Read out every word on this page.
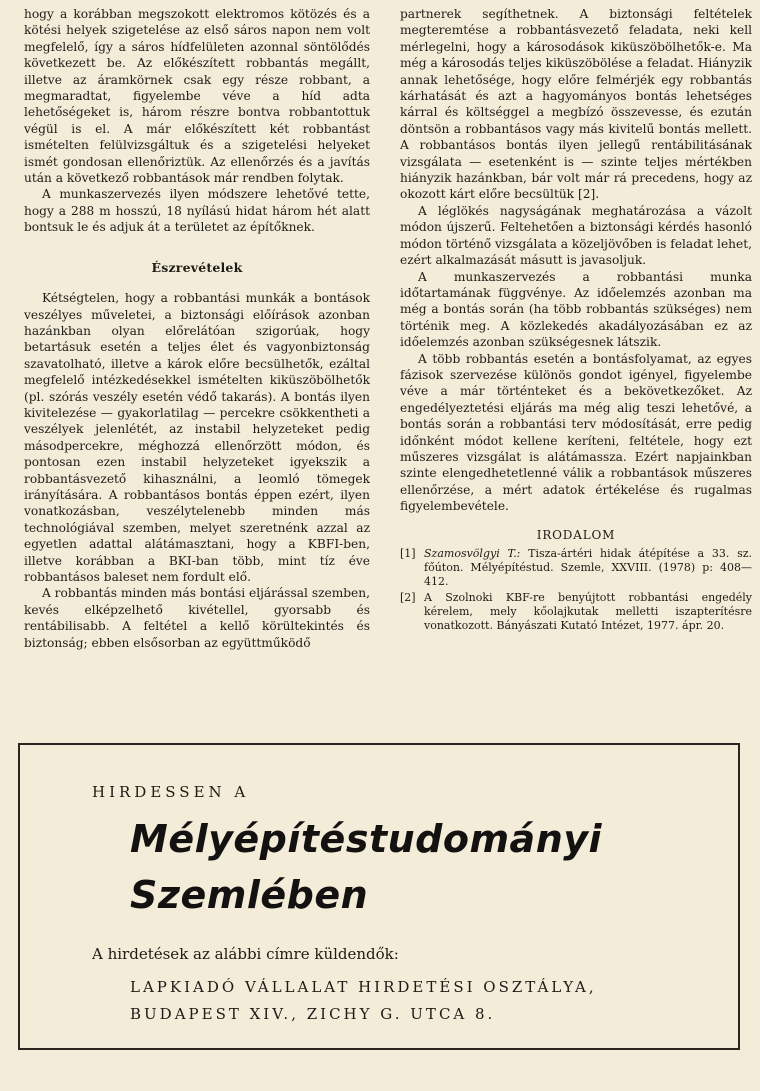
hogy a korábban megszokott elektromos kötözés és a kötési helyek szigetelése az első sáros napon nem volt megfelelő, így a sáros hídfelületen azonnal söntölődés következett be. Az előkészített robbantás megállt, illetve az áramkörnek csak egy része robbant, a megmaradtat, figyelembe véve a híd adta lehetőségeket is, három részre bontva robbantottuk végül is el. A már előkészített két robbantást ismételten felülvizsgáltuk és a szigetelési helyeket ismét gondosan ellenőriztük. Az ellenőrzés és a javítás után a következő robbantások már rendben folytak.

A munkaszervezés ilyen módszere lehetővé tette, hogy a 288 m hosszú, 18 nyílású hidat három hét alatt bontsuk le és adjuk át a területet az építőknek.

Észrevételek

Kétségtelen, hogy a robbantási munkák a bontások veszélyes műveletei, a biztonsági előírások azonban hazánkban olyan előrelátóan szigorúak, hogy betartásuk esetén a teljes élet és vagyonbiztonság szavatolható, illetve a károk előre becsülhetők, ezáltal megfelelő intézkedésekkel ismételten kiküszöbölhetők (pl. szórás veszély esetén védő takarás). A bontás ilyen kivitelezése — gyakorlatilag — percekre csökkentheti a veszélyek jelenlétét, az instabil helyzeteket pedig másodpercekre, méghozzá ellenőrzött módon, és pontosan ezen instabil helyzeteket igyekszik a robbantásvezető kihasználni, a leomló tömegek irányítására. A robbantásos bontás éppen ezért, ilyen vonatkozásban, veszélytelenebb minden más technológiával szemben, melyet szeretnénk azzal az egyetlen adattal alátámasztani, hogy a KBFI-ben, illetve korábban a BKI-ban több, mint tíz éve robbantásos baleset nem fordult elő.

A robbantás minden más bontási eljárással szemben, kevés elképzelhető kivétellel, gyorsabb és rentábilisabb. A feltétel a kellő körültekintés és biztonság; ebben elsősorban az együttműködő

partnerek segíthetnek. A biztonsági feltételek megteremtése a robbantásvezető feladata, neki kell mérlegelni, hogy a károsodások kiküszöbölhetők-e. Ma még a károsodás teljes kiküszöbölése a feladat. Hiányzik annak lehetősége, hogy előre felmérjék egy robbantás kárhatását és azt a hagyományos bontás lehetséges kárral és költséggel a megbízó összevesse, és ezután döntsön a robbantásos vagy más kivitelű bontás mellett. A robbantásos bontás ilyen jellegű rentábilitásának vizsgálata — esetenként is — szinte teljes mértékben hiányzik hazánkban, bár volt már rá precedens, hogy az okozott kárt előre becsültük [2].

A léglökés nagyságának meghatározása a vázolt módon újszerű. Feltehetően a biztonsági kérdés hasonló módon történő vizsgálata a közeljövőben is feladat lehet, ezért alkalmazását másutt is javasoljuk.

A munkaszervezés a robbantási munka időtartamának függvénye. Az időelemzés azonban ma még a bontás során (ha több robbantás szükséges) nem történik meg. A közlekedés akadályozásában ez az időelemzés azonban szükségesnek látszik.

A több robbantás esetén a bontásfolyamat, az egyes fázisok szervezése különös gondot igényel, figyelembe véve a már történteket és a bekövetkezőket. Az engedélyeztetési eljárás ma még alig teszi lehetővé, a bontás során a robbantási terv módosítását, erre pedig időnként módot kellene keríteni, feltétele, hogy ezt műszeres vizsgálat is alátámassza. Ezért napjainkban szinte elengedhetetlenné válik a robbantások műszeres ellenőrzése, a mért adatok értékelése és rugalmas figyelembevétele.

IRODALOM
[1] Szamosvölgyi T.: Tisza-ártéri hidak átépítése a 33. sz. főúton. Mélyépítéstud. Szemle, XXVIII. (1978) p: 408—412.
[2] A Szolnoki KBF-re benyújtott robbantási engedély kérelem, mely kőolajkutak melletti iszapterítésre vonatkozott. Bányászati Kutató Intézet, 1977. ápr. 20.
HIRDESSEN A
Mélyépítéstudományi
Szemlében
A hirdetések az alábbi címre küldendők:
LAPKIADÓ VÁLLALAT HIRDETÉSI OSZTÁLYA,
BUDAPEST XIV., ZICHY G. UTCA 8.
